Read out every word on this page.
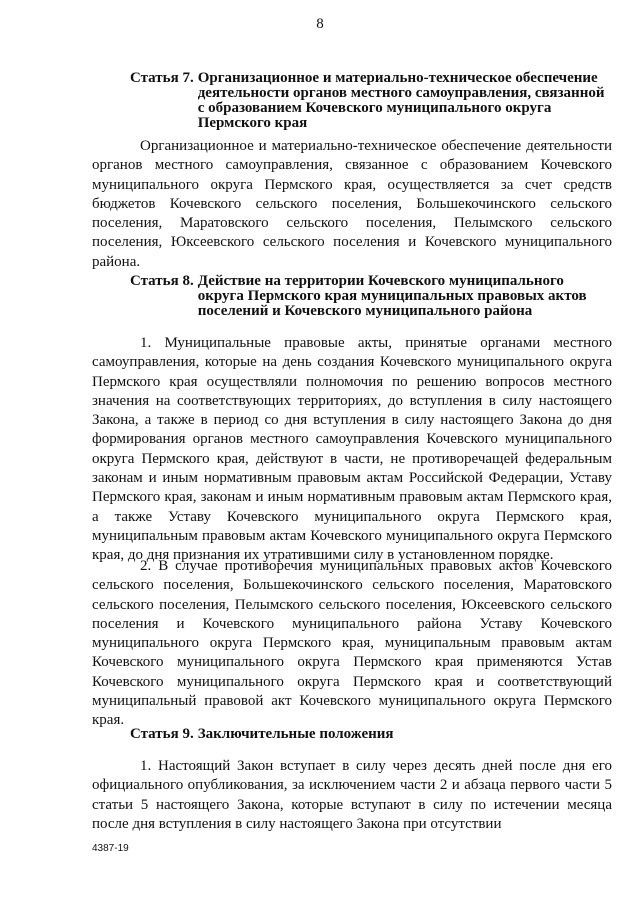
8
Статья 7. Организационное и материально-техническое обеспечение деятельности органов местного самоуправления, связанной с образованием Кочевского муниципального округа Пермского края

Организационное и материально-техническое обеспечение деятельности органов местного самоуправления, связанное с образованием Кочевского муниципального округа Пермского края, осуществляется за счет средств бюджетов Кочевского сельского поселения, Большекочинского сельского поселения, Маратовского сельского поселения, Пелымского сельского поселения, Юксеевского сельского поселения и Кочевского муниципального района.

Статья 8. Действие на территории Кочевского муниципального округа Пермского края муниципальных правовых актов поселений и Кочевского муниципального района

1. Муниципальные правовые акты, принятые органами местного самоуправления, которые на день создания Кочевского муниципального округа Пермского края осуществляли полномочия по решению вопросов местного значения на соответствующих территориях, до вступления в силу настоящего Закона, а также в период со дня вступления в силу настоящего Закона до дня формирования органов местного самоуправления Кочевского муниципального округа Пермского края, действуют в части, не противоречащей федеральным законам и иным нормативным правовым актам Российской Федерации, Уставу Пермского края, законам и иным нормативным правовым актам Пермского края, а также Уставу Кочевского муниципального округа Пермского края, муниципальным правовым актам Кочевского муниципального округа Пермского края, до дня признания их утратившими силу в установленном порядке.

2. В случае противоречия муниципальных правовых актов Кочевского сельского поселения, Большекочинского сельского поселения, Маратовского сельского поселения, Пелымского сельского поселения, Юксеевского сельского поселения и Кочевского муниципального района Уставу Кочевского муниципального округа Пермского края, муниципальным правовым актам Кочевского муниципального округа Пермского края применяются Устав Кочевского муниципального округа Пермского края и соответствующий муниципальный правовой акт Кочевского муниципального округа Пермского края.

Статья 9. Заключительные положения

1. Настоящий Закон вступает в силу через десять дней после дня его официального опубликования, за исключением части 2 и абзаца первого части 5 статьи 5 настоящего Закона, которые вступают в силу по истечении месяца после дня вступления в силу настоящего Закона при отсутствии

4387-19
